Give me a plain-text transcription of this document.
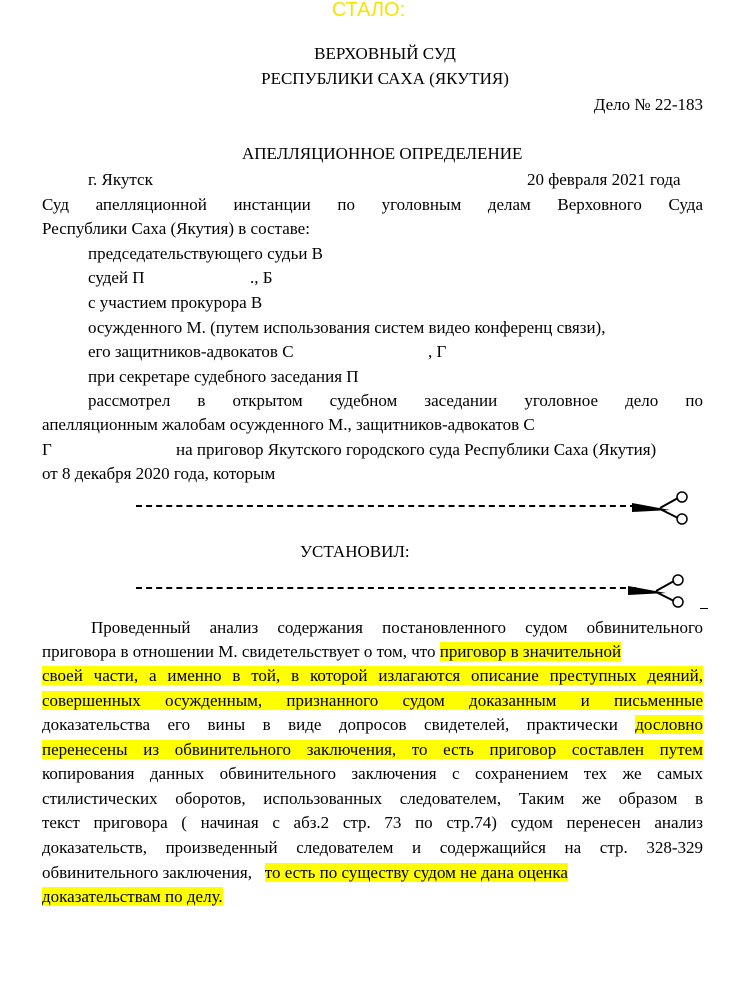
СТАЛО:
ВЕРХОВНЫЙ СУД
РЕСПУБЛИКИ САХА (ЯКУТИЯ)
Дело № 22-183
АПЕЛЛЯЦИОННОЕ ОПРЕДЕЛЕНИЕ
г. Якутск	20 февраля 2021 года
Суд апелляционной инстанции по уголовным делам Верховного Суда
Республики Саха (Якутия) в составе:
председательствующего судьи В
судей П	., Б
с участием прокурора В
осужденного М. (путем использования систем видео конференц связи),
его защитников-адвокатов С	, Г
при секретаре судебного заседания П
рассмотрел в открытом судебном заседании уголовное дело по
апелляционным жалобам осужденного М., защитников-адвокатов С
Г	на приговор Якутского городского суда Республики Саха (Якутия)
от 8 декабря 2020 года, которым
УСТАНОВИЛ:
Проведенный анализ содержания постановленного судом обвинительного
приговора в отношении М. свидетельствует о том, что приговор в значительной
своей части, а именно в той, в которой излагаются описание преступных деяний,
совершенных осужденным, признанного судом доказанным и письменные
доказательства его вины в виде допросов свидетелей, практически дословно
перенесены из обвинительного заключения, то есть приговор составлен путем
копирования данных обвинительного заключения с сохранением тех же самых
стилистических оборотов, использованных следователем, Таким же образом в
текст приговора ( начиная с абз.2 стр. 73 по стр.74) судом перенесен анализ
доказательств, произведенный следователем и содержащийся на стр. 328-329
обвинительного заключения, то есть по существу судом не дана оценка
доказательствам по делу.
